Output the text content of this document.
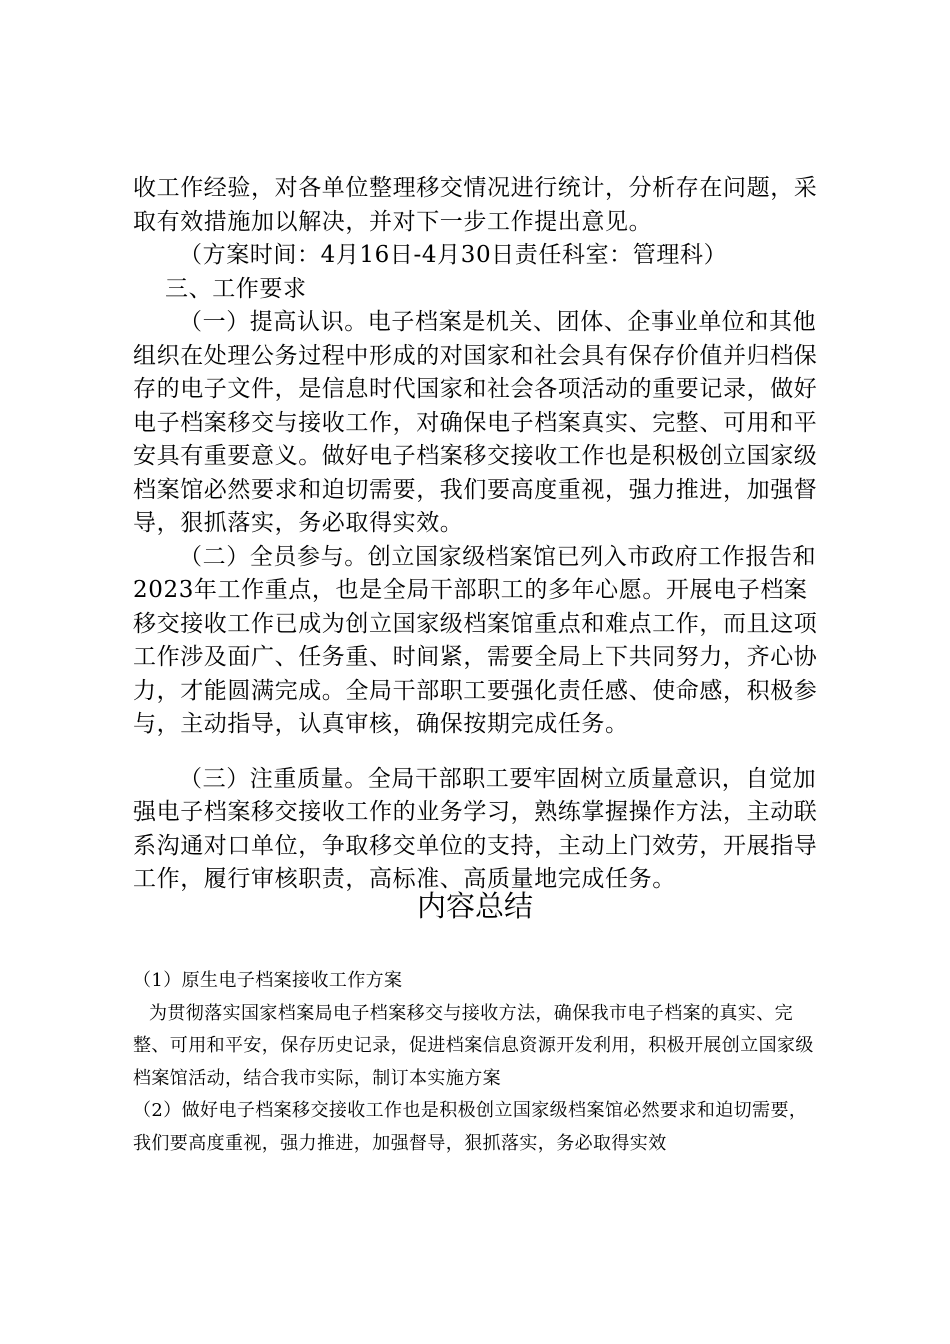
收工作经验，对各单位整理移交情况进行统计，分析存在问题，采取有效措施加以解决，并对下一步工作提出意见。

（方案时间：4月16日-4月30日责任科室：管理科）

三、工作要求

（一）提高认识。电子档案是机关、团体、企事业单位和其他组织在处理公务过程中形成的对国家和社会具有保存价值并归档保存的电子文件，是信息时代国家和社会各项活动的重要记录，做好电子档案移交与接收工作，对确保电子档案真实、完整、可用和平安具有重要意义。做好电子档案移交接收工作也是积极创立国家级档案馆必然要求和迫切需要，我们要高度重视，强力推进，加强督导，狠抓落实，务必取得实效。

（二）全员参与。创立国家级档案馆已列入市政府工作报告和2023年工作重点，也是全局干部职工的多年心愿。开展电子档案移交接收工作已成为创立国家级档案馆重点和难点工作，而且这项工作涉及面广、任务重、时间紧，需要全局上下共同努力，齐心协力，才能圆满完成。全局干部职工要强化责任感、使命感，积极参与，主动指导，认真审核，确保按期完成任务。

（三）注重质量。全局干部职工要牢固树立质量意识，自觉加强电子档案移交接收工作的业务学习，熟练掌握操作方法，主动联系沟通对口单位，争取移交单位的支持，主动上门效劳，开展指导工作，履行审核职责，高标准、高质量地完成任务。

内容总结

（1）原生电子档案接收工作方案

为贯彻落实国家档案局电子档案移交与接收方法，确保我市电子档案的真实、完整、可用和平安，保存历史记录，促进档案信息资源开发利用，积极开展创立国家级档案馆活动，结合我市实际，制订本实施方案

（2）做好电子档案移交接收工作也是积极创立国家级档案馆必然要求和迫切需要，我们要高度重视，强力推进，加强督导，狠抓落实，务必取得实效
